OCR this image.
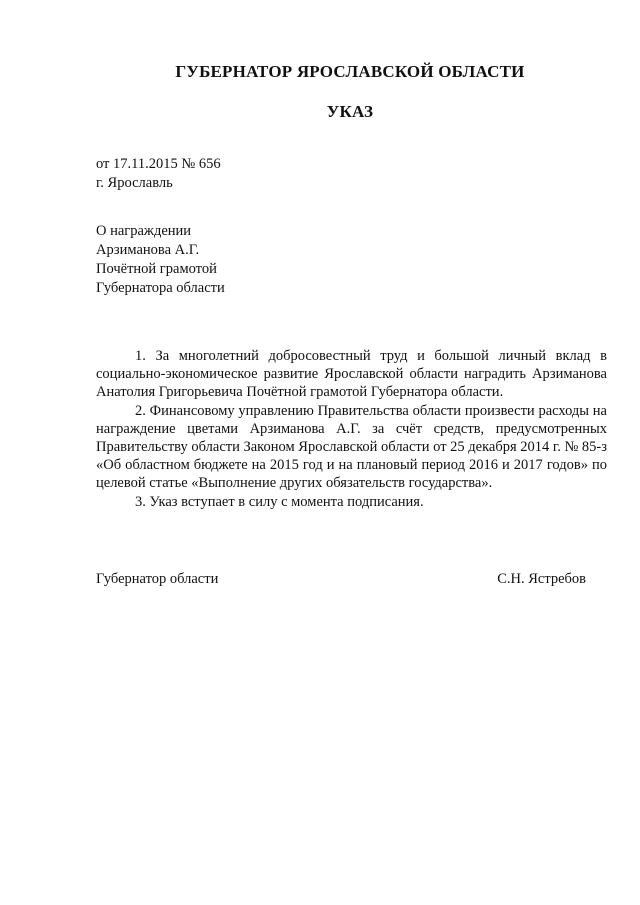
ГУБЕРНАТОР ЯРОСЛАВСКОЙ ОБЛАСТИ
УКАЗ
от 17.11.2015 № 656
г. Ярославль
О награждении
Арзиманова А.Г.
Почётной грамотой
Губернатора области

1. За многолетний добросовестный труд и большой личный вклад в социально-экономическое развитие Ярославской области наградить Арзиманова Анатолия Григорьевича Почётной грамотой Губернатора области.

2. Финансовому управлению Правительства области произвести расходы на награждение цветами Арзиманова А.Г. за счёт средств, предусмотренных Правительству области Законом Ярославской области от 25 декабря 2014 г. № 85-з «Об областном бюджете на 2015 год и на плановый период 2016 и 2017 годов» по целевой статье «Выполнение других обязательств государства».

3. Указ вступает в силу с момента подписания.

Губернатор области	С.Н. Ястребов
